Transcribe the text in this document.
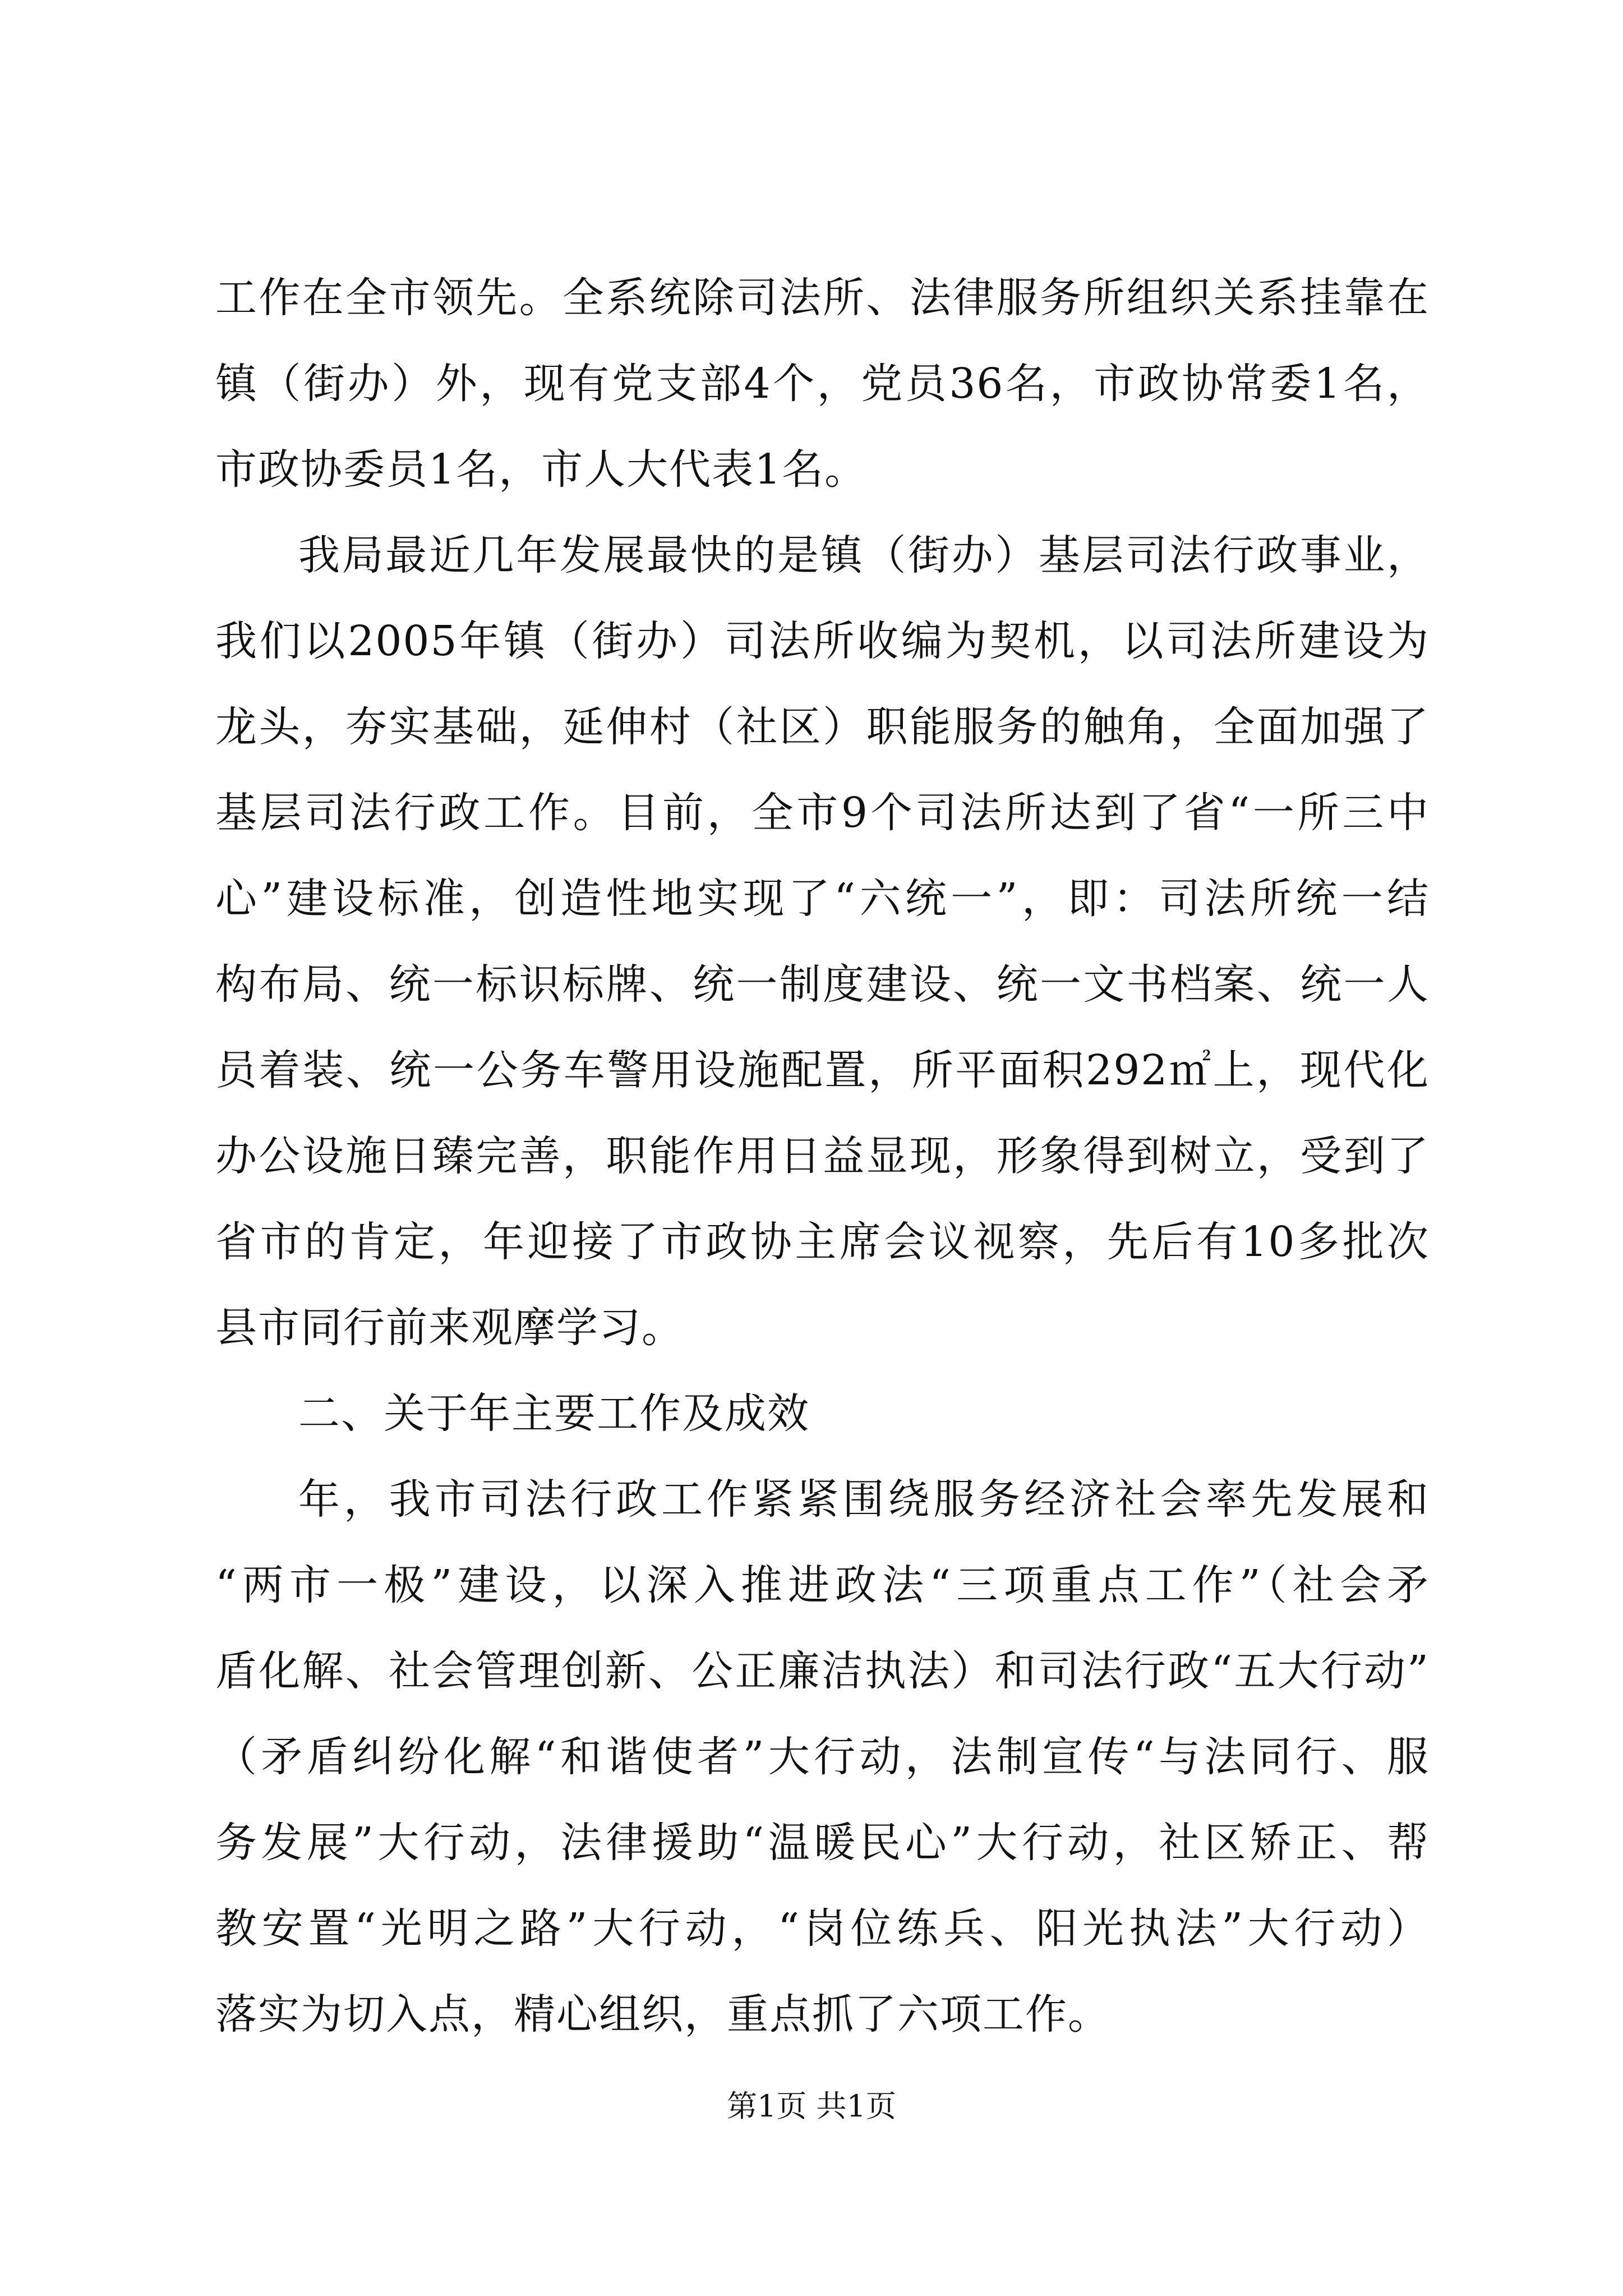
工作在全市领先。全系统除司法所、法律服务所组织关系挂靠在
镇（街办）外，现有党支部4个，党员36名，市政协常委1名，
市政协委员1名，市人大代表1名。
我局最近几年发展最快的是镇（街办）基层司法行政事业，
我们以2005年镇（街办）司法所收编为契机，以司法所建设为
龙头，夯实基础，延伸村（社区）职能服务的触角，全面加强了
基层司法行政工作。目前，全市9个司法所达到了省“一所三中
心”建设标准，创造性地实现了“六统一”，即：司法所统一结
构布局、统一标识标牌、统一制度建设、统一文书档案、统一人
员着装、统一公务车警用设施配置，所平面积292㎡上，现代化
办公设施日臻完善，职能作用日益显现，形象得到树立，受到了
省市的肯定，年迎接了市政协主席会议视察，先后有10多批次
县市同行前来观摩学习。
二、关于年主要工作及成效
年，我市司法行政工作紧紧围绕服务经济社会率先发展和
“两市一极”建设，以深入推进政法“三项重点工作”（社会矛
盾化解、社会管理创新、公正廉洁执法）和司法行政“五大行动”
（矛盾纠纷化解“和谐使者”大行动，法制宣传“与法同行、服
务发展”大行动，法律援助“温暖民心”大行动，社区矫正、帮
教安置“光明之路”大行动，“岗位练兵、阳光执法”大行动）
落实为切入点，精心组织，重点抓了六项工作。
第1页 共1页
